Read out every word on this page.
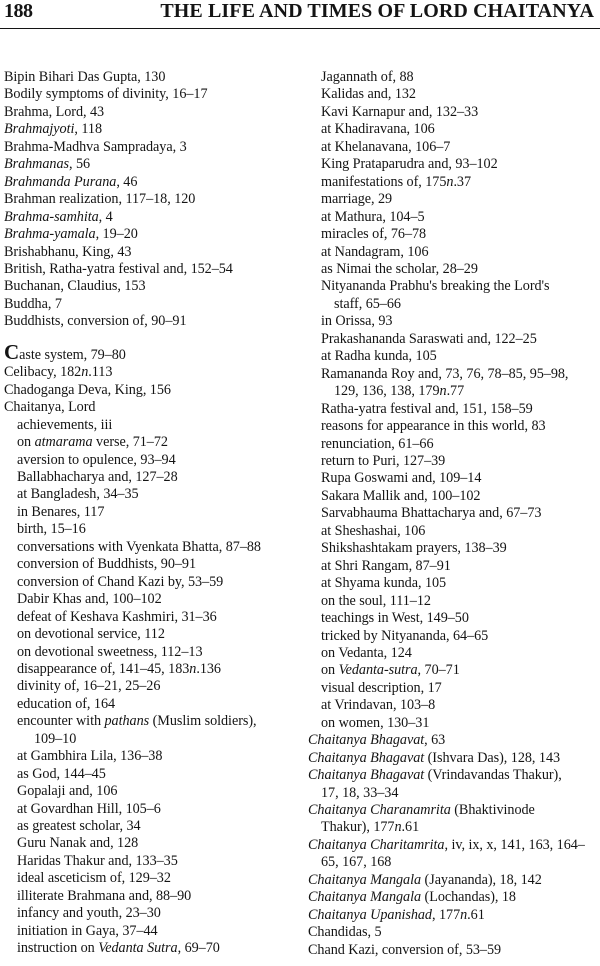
188	THE LIFE AND TIMES OF LORD CHAITANYA
Bipin Bihari Das Gupta, 130
Bodily symptoms of divinity, 16–17
Brahma, Lord, 43
Brahmajyoti, 118
Brahma-Madhva Sampradaya, 3
Brahmanas, 56
Brahmanda Purana, 46
Brahman realization, 117–18, 120
Brahma-samhita, 4
Brahma-yamala, 19–20
Brishabhanu, King, 43
British, Ratha-yatra festival and, 152–54
Buchanan, Claudius, 153
Buddha, 7
Buddhists, conversion of, 90–91
Caste system, 79–80
Celibacy, 182n.113
Chadoganga Deva, King, 156
Chaitanya, Lord
achievements, iii
on atmarama verse, 71–72
aversion to opulence, 93–94
Ballabhacharya and, 127–28
at Bangladesh, 34–35
in Benares, 117
birth, 15–16
conversations with Vyenkata Bhatta, 87–88
conversion of Buddhists, 90–91
conversion of Chand Kazi by, 53–59
Dabir Khas and, 100–102
defeat of Keshava Kashmiri, 31–36
on devotional service, 112
on devotional sweetness, 112–13
disappearance of, 141–45, 183n.136
divinity of, 16–21, 25–26
education of, 164
encounter with pathans (Muslim soldiers),
109–10
at Gambhira Lila, 136–38
as God, 144–45
Gopalaji and, 106
at Govardhan Hill, 105–6
as greatest scholar, 34
Guru Nanak and, 128
Haridas Thakur and, 133–35
ideal asceticism of, 129–32
illiterate Brahmana and, 88–90
infancy and youth, 23–30
initiation in Gaya, 37–44
instruction on Vedanta Sutra, 69–70
Jagannath of, 88
Kalidas and, 132
Kavi Karnapur and, 132–33
at Khadiravana, 106
at Khelanavana, 106–7
King Prataparudra and, 93–102
manifestations of, 175n.37
marriage, 29
at Mathura, 104–5
miracles of, 76–78
at Nandagram, 106
as Nimai the scholar, 28–29
Nityananda Prabhu's breaking the Lord's
staff, 65–66
in Orissa, 93
Prakashananda Saraswati and, 122–25
at Radha kunda, 105
Ramananda Roy and, 73, 76, 78–85, 95–98,
129, 136, 138, 179n.77
Ratha-yatra festival and, 151, 158–59
reasons for appearance in this world, 83
renunciation, 61–66
return to Puri, 127–39
Rupa Goswami and, 109–14
Sakara Mallik and, 100–102
Sarvabhauma Bhattacharya and, 67–73
at Sheshashai, 106
Shikshashtakam prayers, 138–39
at Shri Rangam, 87–91
at Shyama kunda, 105
on the soul, 111–12
teachings in West, 149–50
tricked by Nityananda, 64–65
on Vedanta, 124
on Vedanta-sutra, 70–71
visual description, 17
at Vrindavan, 103–8
on women, 130–31
Chaitanya Bhagavat, 63
Chaitanya Bhagavat (Ishvara Das), 128, 143
Chaitanya Bhagavat (Vrindavandas Thakur),
17, 18, 33–34
Chaitanya Charanamrita (Bhaktivinode
Thakur), 177n.61
Chaitanya Charitamrita, iv, ix, x, 141, 163, 164–
65, 167, 168
Chaitanya Mangala (Jayananda), 18, 142
Chaitanya Mangala (Lochandas), 18
Chaitanya Upanishad, 177n.61
Chandidas, 5
Chand Kazi, conversion of, 53–59
